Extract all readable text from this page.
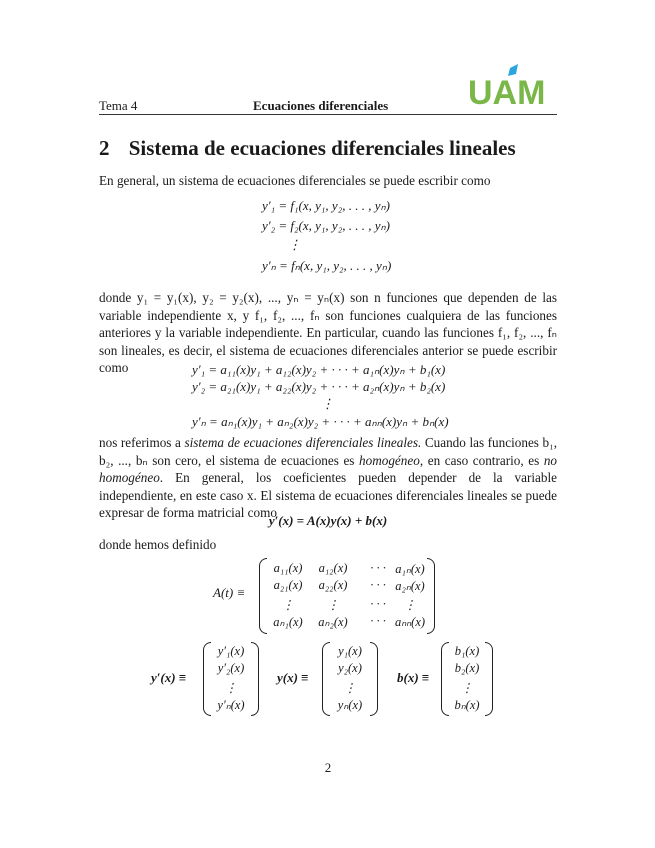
Tema 4	Ecuaciones diferenciales UAM
2 Sistema de ecuaciones diferenciales lineales
En general, un sistema de ecuaciones diferenciales se puede escribir como
y′₁ = f₁(x, y₁, y₂, . . . , yₙ)
y′₂ = f₂(x, y₁, y₂, . . . , yₙ)
⋮
y′ₙ = fₙ(x, y₁, y₂, . . . , yₙ)
donde y₁ = y₁(x), y₂ = y₂(x), ..., yₙ = yₙ(x) son n funciones que dependen de las variable independiente x, y f₁, f₂, ..., fₙ son funciones cualquiera de las funciones anteriores y la variable independiente. En particular, cuando las funciones f₁, f₂, ..., fₙ son lineales, es decir, el sistema de ecuaciones diferenciales anterior se puede escribir como	y′₁ = a₁₁(x)y₁ + a₁₂(x)y₂ + · · · + a₁ₙ(x)yₙ + b₁(x)
y′₂ = a₂₁(x)y₁ + a₂₂(x)y₂ + · · · + a₂ₙ(x)yₙ + b₂(x)
⋮
y′ₙ = aₙ₁(x)y₁ + aₙ₂(x)y₂ + · · · + aₙₙ(x)yₙ + bₙ(x)
nos referimos a sistema de ecuaciones diferenciales lineales. Cuando las funciones b₁, b₂, ..., bₙ son cero, el sistema de ecuaciones es homogéneo, en caso contrario, es no homogéneo. En general, los coeficientes pueden depender de la variable independiente, en este caso x. El sistema de ecuaciones diferenciales lineales se puede expresar de forma matricial como
y′(x) = A(x)y(x) + b(x)
donde hemos definido
A(t) ≡
a₁₁(x) a₁₂(x) · · · a₁ₙ(x)
a₂₁(x) a₂₂(x) · · · a₂ₙ(x)
⋮	⋮ · · · ⋮
aₙ₁(x) aₙ₂(x) · · · aₙₙ(x)
y′(x) ≡
y′₁(x)
y′₂(x)
⋮
y′ₙ(x)
y(x) ≡
y₁(x)
y₂(x)
⋮
yₙ(x)
b(x) ≡
b₁(x)
b₂(x)
⋮
bₙ(x)
2
